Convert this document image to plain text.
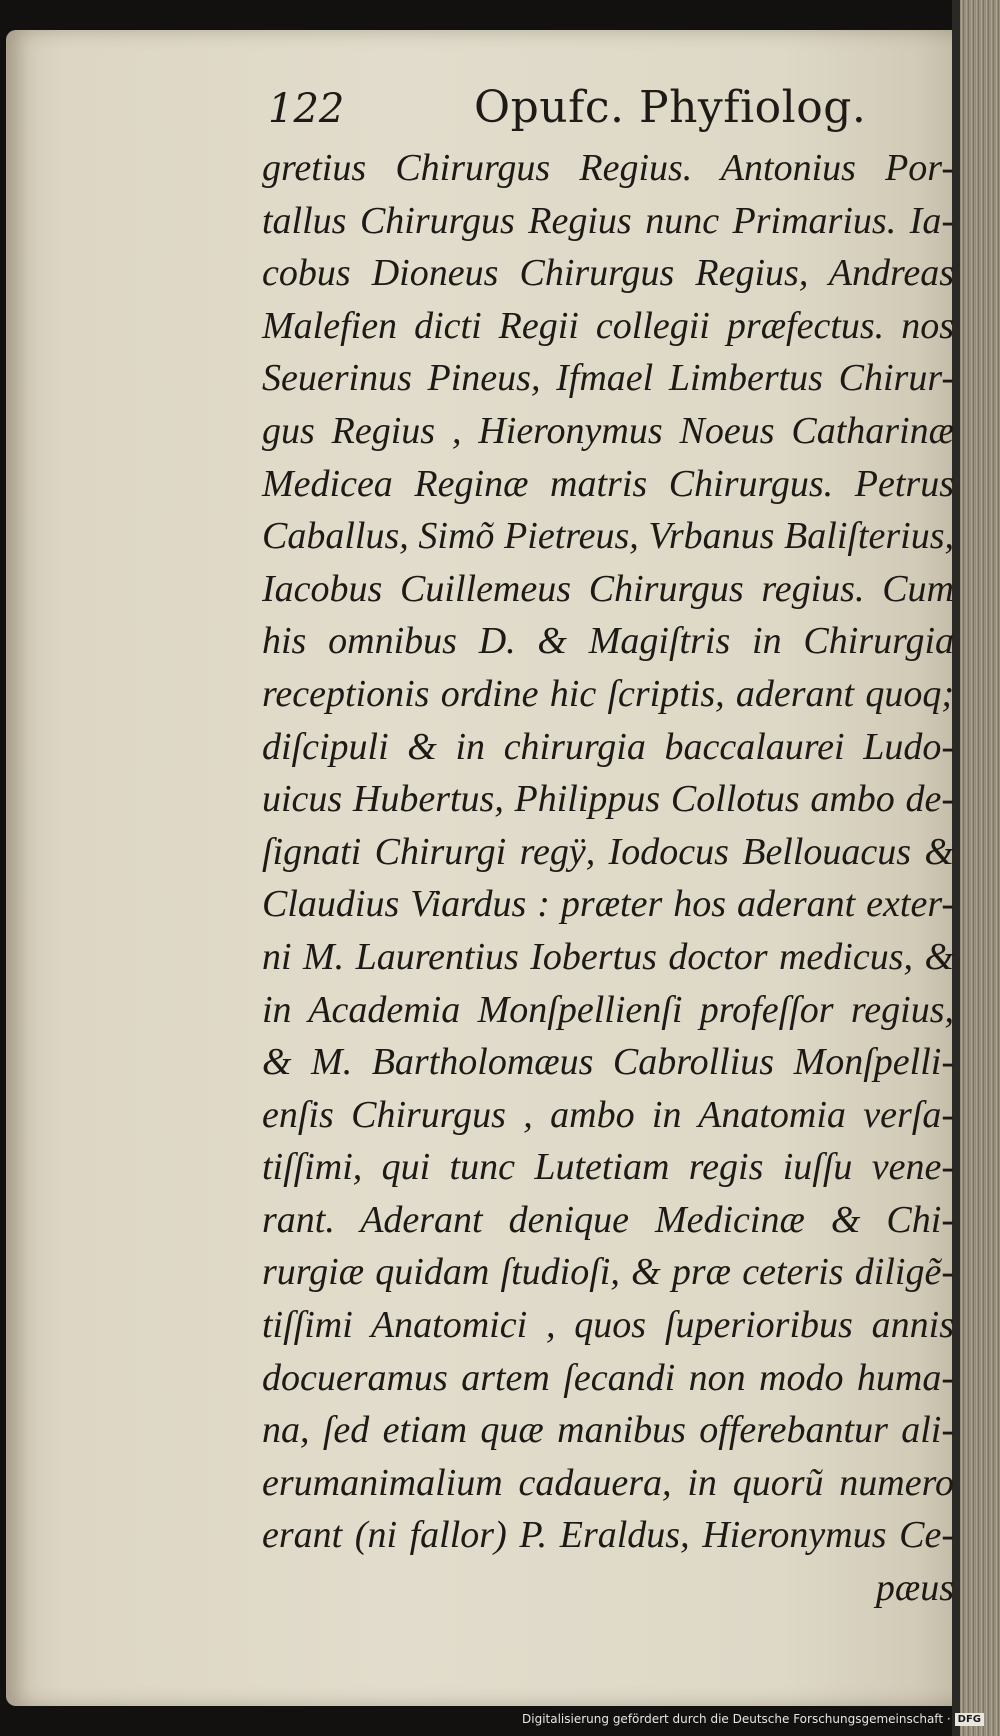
122	Opufc. Phyfiolog.
gretius Chirurgus Regius. Antonius Por-
tallus Chirurgus Regius nunc Primarius. Ia-
cobus Dioneus Chirurgus Regius, Andreas
Malefien dicti Regii collegii præfectus. nos
Seuerinus Pineus, Ifmael Limbertus Chirur-
gus Regius , Hieronymus Noeus Catharinæ
Medicea Reginæ matris Chirurgus. Petrus
Caballus, Simõ Pietreus, Vrbanus Baliſterius,
Iacobus Cuillemeus Chirurgus regius. Cum
his omnibus D. & Magiſtris in Chirurgia
receptionis ordine hic ſcriptis, aderant quoq;
diſcipuli & in chirurgia baccalaurei Ludo-
uicus Hubertus, Philippus Collotus ambo de-
ſignati Chirurgi regÿ, Iodocus Bellouacus &
Claudius Viardus : præter hos aderant exter-
ni M. Laurentius Iobertus doctor medicus, &
in Academia Monſpellienſi profeſſor regius,
& M. Bartholomæus Cabrollius Monſpelli-
enſis Chirurgus , ambo in Anatomia verſa-
tiſſimi, qui tunc Lutetiam regis iuſſu vene-
rant. Aderant denique Medicinæ & Chi-
rurgiæ quidam ſtudioſi, & præ ceteris diligẽ-
tiſſimi Anatomici , quos ſuperioribus annis
docueramus artem ſecandi non modo huma-
na, ſed etiam quæ manibus offerebantur ali-
erumanimalium cadauera, in quorũ numero
erant (ni fallor) P. Eraldus, Hieronymus Ce-
pæus
Digitalisierung gefördert durch die Deutsche Forschungsgemeinschaft · DFG
